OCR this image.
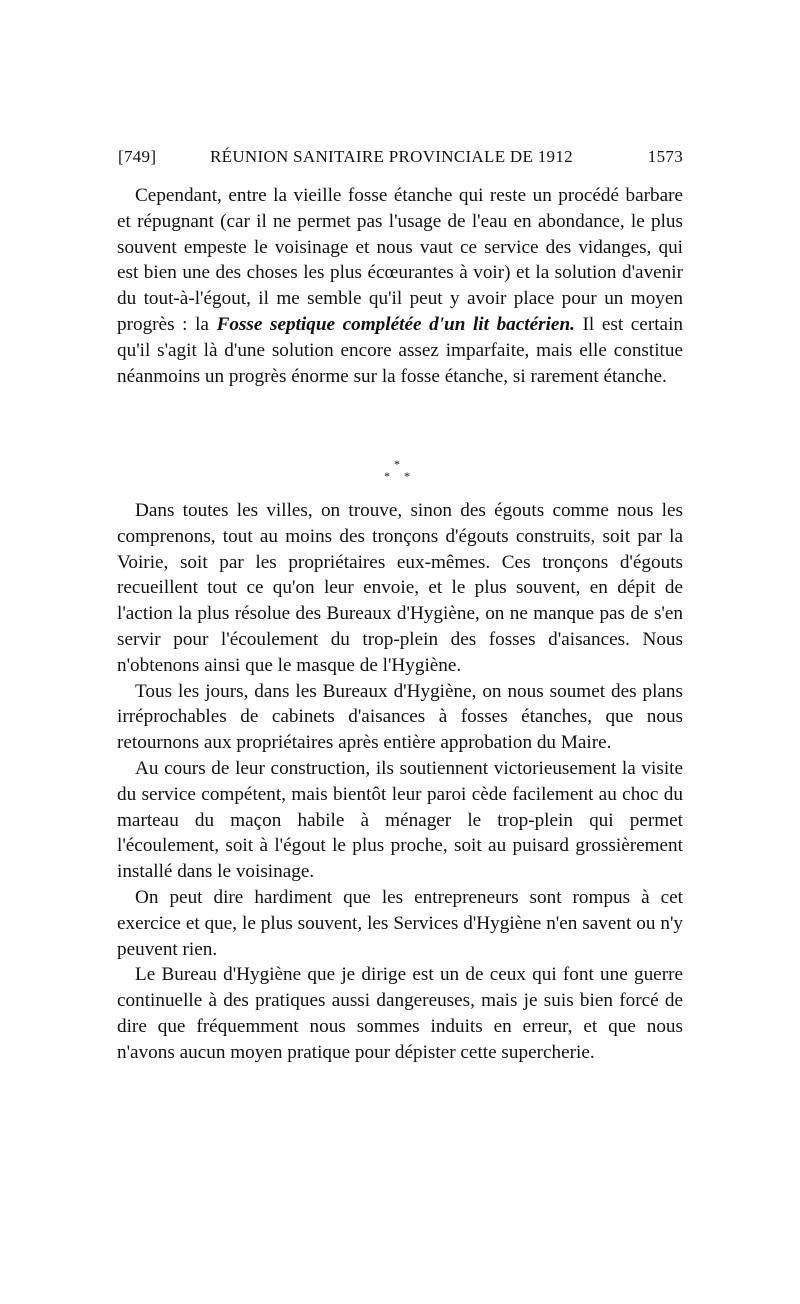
[749]	RÉUNION SANITAIRE PROVINCIALE DE 1912	1573

Cependant, entre la vieille fosse étanche qui reste un procédé barbare et répugnant (car il ne permet pas l'usage de l'eau en abondance, le plus souvent empeste le voisinage et nous vaut ce service des vidanges, qui est bien une des choses les plus écœurantes à voir) et la solution d'avenir du tout-à-l'égout, il me semble qu'il peut y avoir place pour un moyen progrès : la Fosse septique complétée d'un lit bactérien. Il est certain qu'il s'agit là d'une solution encore assez imparfaite, mais elle constitue néanmoins un progrès énorme sur la fosse étanche, si rarement étanche.

*
* *

Dans toutes les villes, on trouve, sinon des égouts comme nous les comprenons, tout au moins des tronçons d'égouts construits, soit par la Voirie, soit par les propriétaires eux-mêmes. Ces tronçons d'égouts recueillent tout ce qu'on leur envoie, et le plus souvent, en dépit de l'action la plus résolue des Bureaux d'Hygiène, on ne manque pas de s'en servir pour l'écoulement du trop-plein des fosses d'aisances. Nous n'obtenons ainsi que le masque de l'Hygiène.

Tous les jours, dans les Bureaux d'Hygiène, on nous soumet des plans irréprochables de cabinets d'aisances à fosses étanches, que nous retournons aux propriétaires après entière approbation du Maire.

Au cours de leur construction, ils soutiennent victorieusement la visite du service compétent, mais bientôt leur paroi cède facilement au choc du marteau du maçon habile à ménager le trop-plein qui permet l'écoulement, soit à l'égout le plus proche, soit au puisard grossièrement installé dans le voisinage.

On peut dire hardiment que les entrepreneurs sont rompus à cet exercice et que, le plus souvent, les Services d'Hygiène n'en savent ou n'y peuvent rien.

Le Bureau d'Hygiène que je dirige est un de ceux qui font une guerre continuelle à des pratiques aussi dangereuses, mais je suis bien forcé de dire que fréquemment nous sommes induits en erreur, et que nous n'avons aucun moyen pratique pour dépister cette supercherie.
